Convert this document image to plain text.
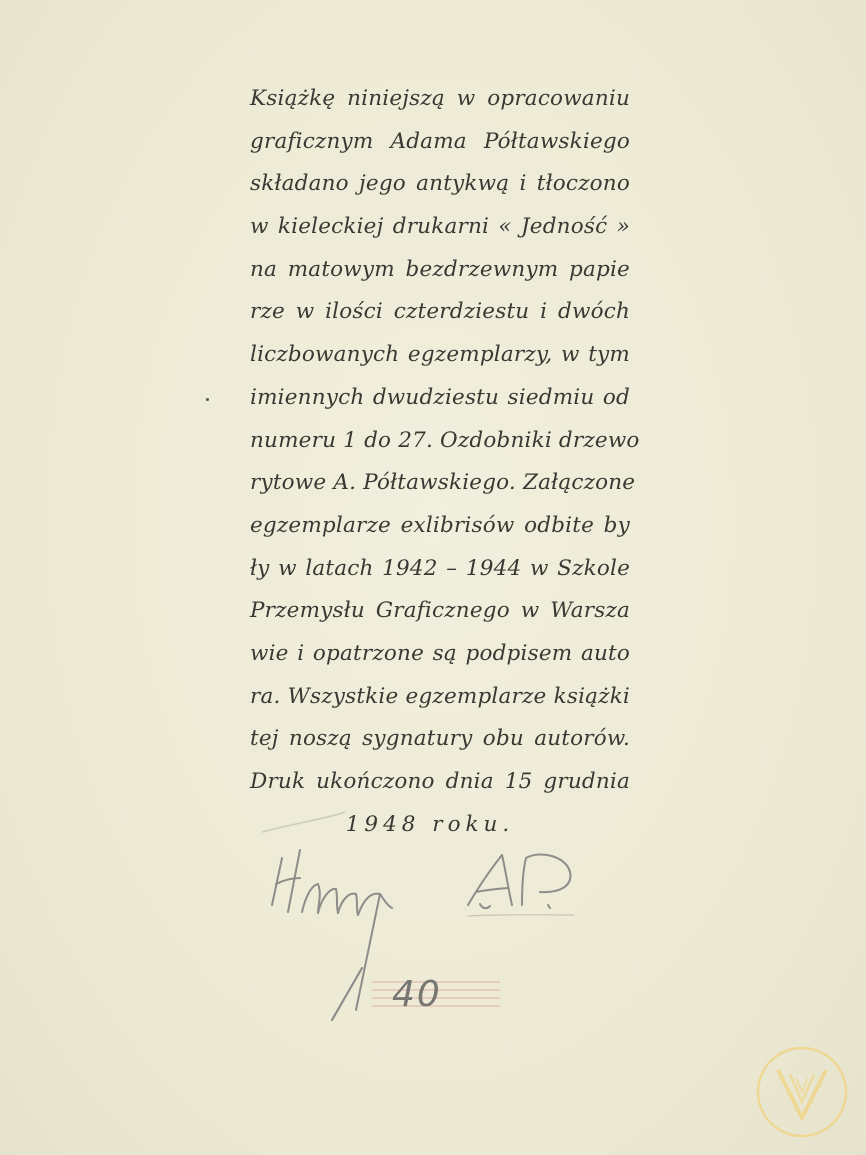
Książkę niniejszą w opracowaniu
graficznym Adama Półtawskiego
składano jego antykwą i tłoczono
w kieleckiej drukarni « Jedność »
na matowym bezdrzewnym papie
rze w ilości czterdziestu i dwóch
liczbowanych egzemplarzy, w tym
imiennych dwudziestu siedmiu od
numeru 1 do 27. Ozdobniki drzewo
rytowe A. Półtawskiego. Załączone
egzemplarze exlibrisów odbite by
ły w latach 1942 – 1944 w Szkole
Przemysłu Graficznego w Warsza
wie i opatrzone są podpisem auto
ra. Wszystkie egzemplarze książki
tej noszą sygnatury obu autorów.
Druk ukończono dnia 15 grudnia
1948 roku.
40
